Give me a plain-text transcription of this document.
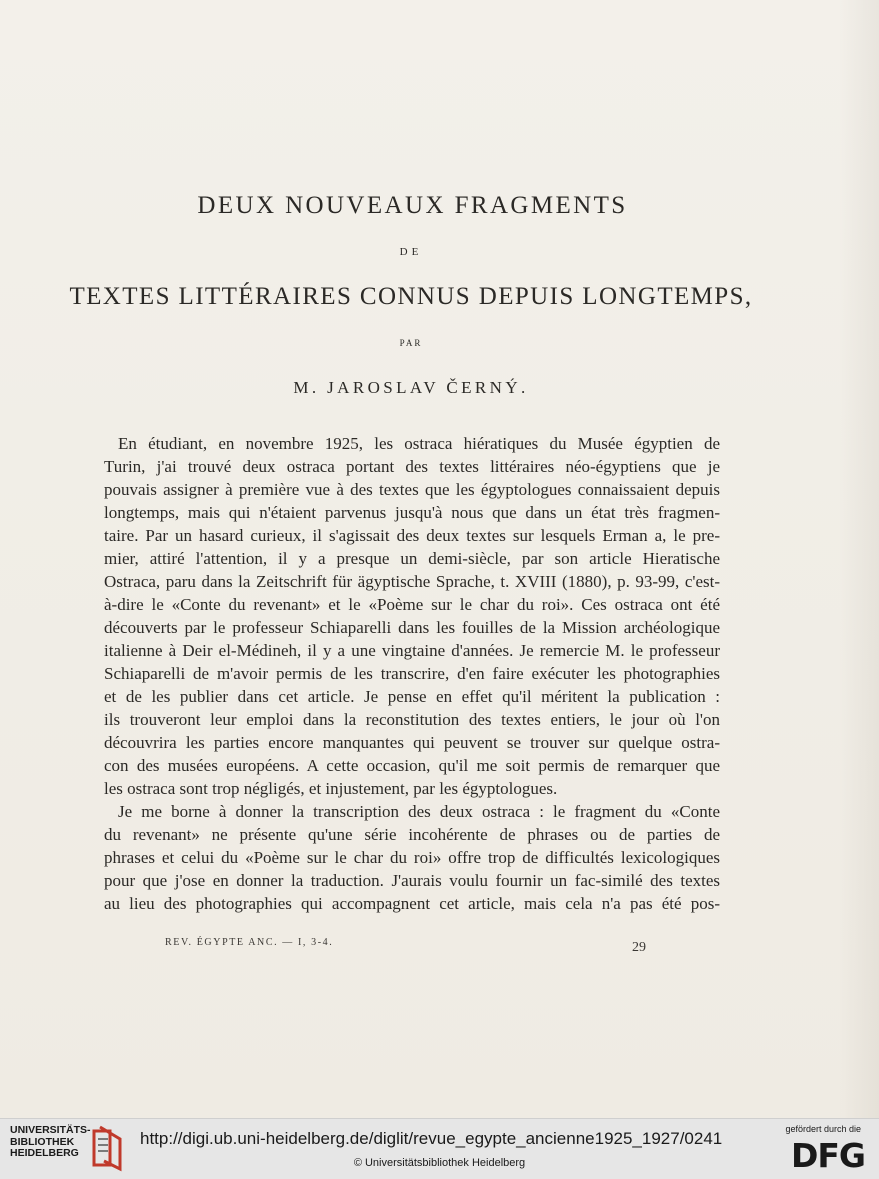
DEUX NOUVEAUX FRAGMENTS
DE
TEXTES LITTÉRAIRES CONNUS DEPUIS LONGTEMPS,
PAR
M. JAROSLAV ČERNÝ.
En étudiant, en novembre 1925, les ostraca hiératiques du Musée égyptien de
Turin, j'ai trouvé deux ostraca portant des textes littéraires néo-égyptiens que je
pouvais assigner à première vue à des textes que les égyptologues connaissaient depuis
longtemps, mais qui n'étaient parvenus jusqu'à nous que dans un état très fragmen-
taire. Par un hasard curieux, il s'agissait des deux textes sur lesquels Erman a, le pre-
mier, attiré l'attention, il y a presque un demi-siècle, par son article Hieratische
Ostraca, paru dans la Zeitschrift für ägyptische Sprache, t. XVIII (1880), p. 93-99, c'est-
à-dire le «Conte du revenant» et le «Poème sur le char du roi». Ces ostraca ont été
découverts par le professeur Schiaparelli dans les fouilles de la Mission archéologique
italienne à Deir el-Médineh, il y a une vingtaine d'années. Je remercie M. le professeur
Schiaparelli de m'avoir permis de les transcrire, d'en faire exécuter les photographies
et de les publier dans cet article. Je pense en effet qu'il méritent la publication :
ils trouveront leur emploi dans la reconstitution des textes entiers, le jour où l'on
découvrira les parties encore manquantes qui peuvent se trouver sur quelque ostra-
con des musées européens. A cette occasion, qu'il me soit permis de remarquer que
les ostraca sont trop négligés, et injustement, par les égyptologues.
Je me borne à donner la transcription des deux ostraca : le fragment du «Conte
du revenant» ne présente qu'une série incohérente de phrases ou de parties de
phrases et celui du «Poème sur le char du roi» offre trop de difficultés lexicologiques
pour que j'ose en donner la traduction. J'aurais voulu fournir un fac-similé des textes
au lieu des photographies qui accompagnent cet article, mais cela n'a pas été pos-
REV. ÉGYPTE ANC. — I, 3-4.	29
UNIVERSITÄTS-
BIBLIOTHEK
HEIDELBERG
http://digi.ub.uni-heidelberg.de/diglit/revue_egypte_ancienne1925_1927/0241
© Universitätsbibliothek Heidelberg
gefördert durch die
DFG
